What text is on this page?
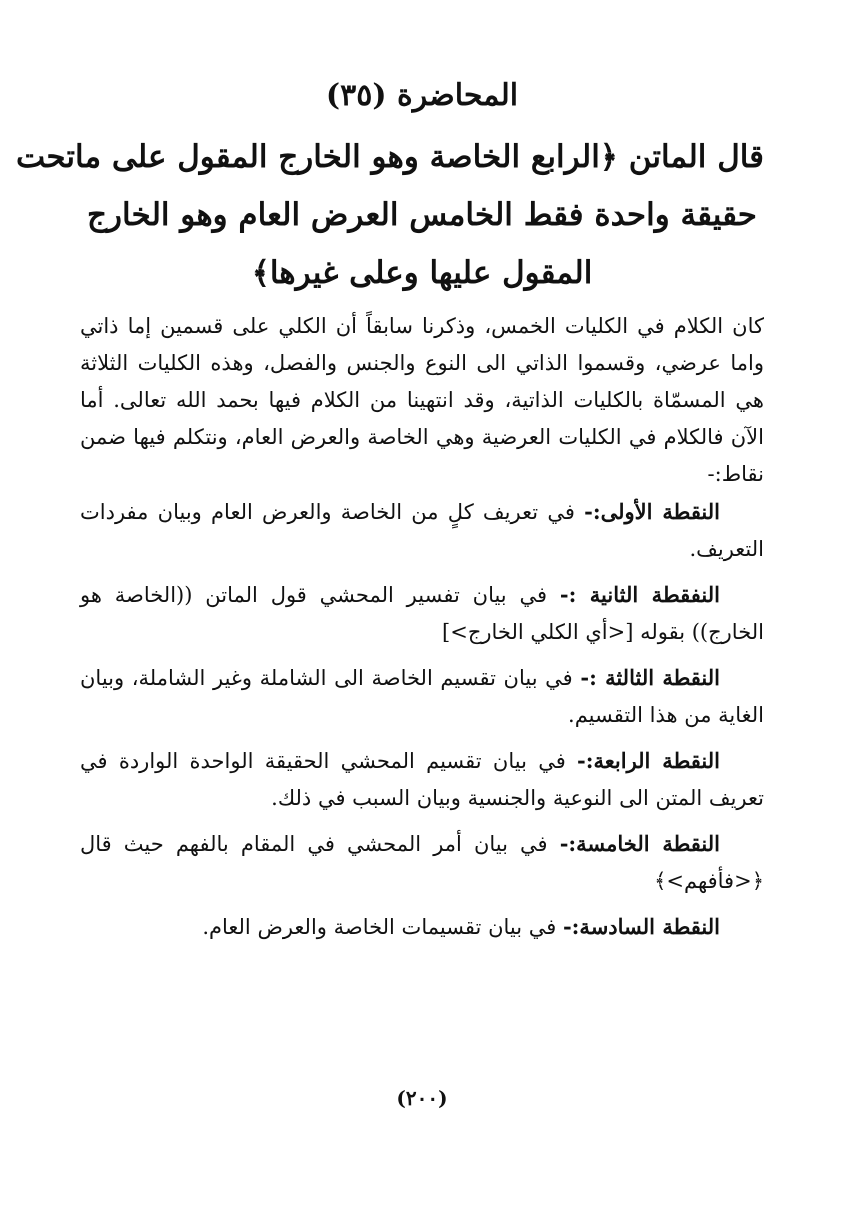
المحاضرة (٣٥)
قال الماتن ﴿الرابع الخاصة وهو الخارج المقول على ماتحت
حقيقة واحدة فقط الخامس العرض العام وهو الخارج
المقول عليها وعلى غيرها﴾

كان الكلام في الكليات الخمس، وذكرنا سابقاً أن الكلي على قسمين إما ذاتي واما عرضي، وقسموا الذاتي الى النوع والجنس والفصل، وهذه الكليات الثلاثة هي المسمّاة بالكليات الذاتية، وقد انتهينا من الكلام فيها بحمد الله تعالى. أما الآن فالكلام في الكليات العرضية وهي الخاصة والعرض العام، ونتكلم فيها ضمن نقاط:-

النقطة الأولى:- في تعريف كلٍ من الخاصة والعرض العام وبيان مفردات التعريف.
النفقطة الثانية :- في بيان تفسير المحشي قول الماتن ((الخاصة هو الخارج)) بقوله [<أي الكلي الخارج>]
النقطة الثالثة :- في بيان تقسيم الخاصة الى الشاملة وغير الشاملة، وبيان الغاية من هذا التقسيم.
النقطة الرابعة:- في بيان تقسيم المحشي الحقيقة الواحدة الواردة في تعريف المتن الى النوعية والجنسية وبيان السبب في ذلك.
النقطة الخامسة:- في بيان أمر المحشي في المقام بالفهم حيث قال ﴿<فأفهم>﴾
النقطة السادسة:- في بيان تقسيمات الخاصة والعرض العام.
(٢٠٠)
